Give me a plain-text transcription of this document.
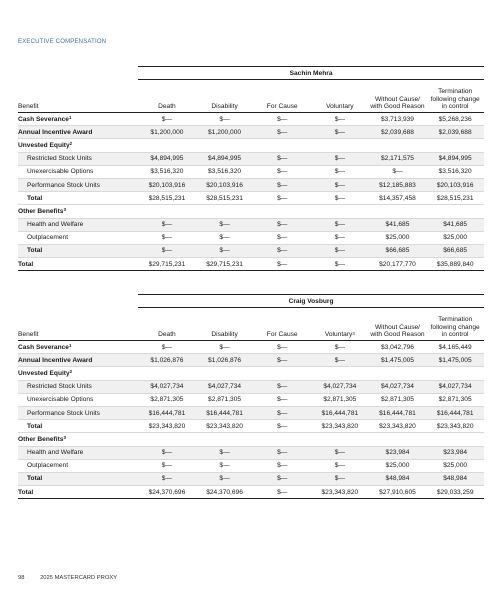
EXECUTIVE COMPENSATION
	Sachin Mehra					
Benefit	Death	Disability	For Cause	Voluntary	Without Cause/
with Good Reason	Termination
following change
in control
Cash Severance$^1$	$—	$—	$—	$—	$3,713,939	$5,268,236
Annual Incentive Award	$1,200,000	$1,200,000	$—	$—	$2,039,688	$2,039,688
Unvested Equity$^2$						
Restricted Stock Units	$4,894,995	$4,894,995	$—	$—	$2,171,575	$4,894,995
Unexercisable Options	$3,516,320	$3,516,320	$—	$—	$—	$3,516,320
Performance Stock Units	$20,103,916	$20,103,916	$—	$—	$12,185,883	$20,103,916
Total	$28,515,231	$28,515,231	$—	$—	$14,357,458	$28,515,231
Other Benefits$^3$						
Health and Welfare	$—	$—	$—	$—	$41,685	$41,685
Outplacement	$—	$—	$—	$—	$25,000	$25,000
Total	$—	$—	$—	$—	$66,685	$66,685
Total	$29,715,231	$29,715,231	$—	$—	$20,177,770	$35,889,840
	Craig Vosburg					
Benefit	Death	Disability	For Cause	Voluntary$^4$	Without Cause/
with Good Reason	Termination
following change
in control
Cash Severance$^1$	$—	$—	$—	$—	$3,042,796	$4,165,449
Annual Incentive Award	$1,026,876	$1,026,876	$—	$—	$1,475,005	$1,475,005
Unvested Equity$^2$						
Restricted Stock Units	$4,027,734	$4,027,734	$—	$4,027,734	$4,027,734	$4,027,734
Unexercisable Options	$2,871,305	$2,871,305	$—	$2,871,305	$2,871,305	$2,871,305
Performance Stock Units	$16,444,781	$16,444,781	$—	$16,444,781	$16,444,781	$16,444,781
Total	$23,343,820	$23,343,820	$—	$23,343,820	$23,343,820	$23,343,820
Other Benefits$^3$						
Health and Welfare	$—	$—	$—	$—	$23,984	$23,984
Outplacement	$—	$—	$—	$—	$25,000	$25,000
Total	$—	$—	$—	$—	$48,984	$48,984
Total	$24,370,696	$24,370,696	$—	$23,343,820	$27,910,605	$29,033,259
98	2025 MASTERCARD PROXY
